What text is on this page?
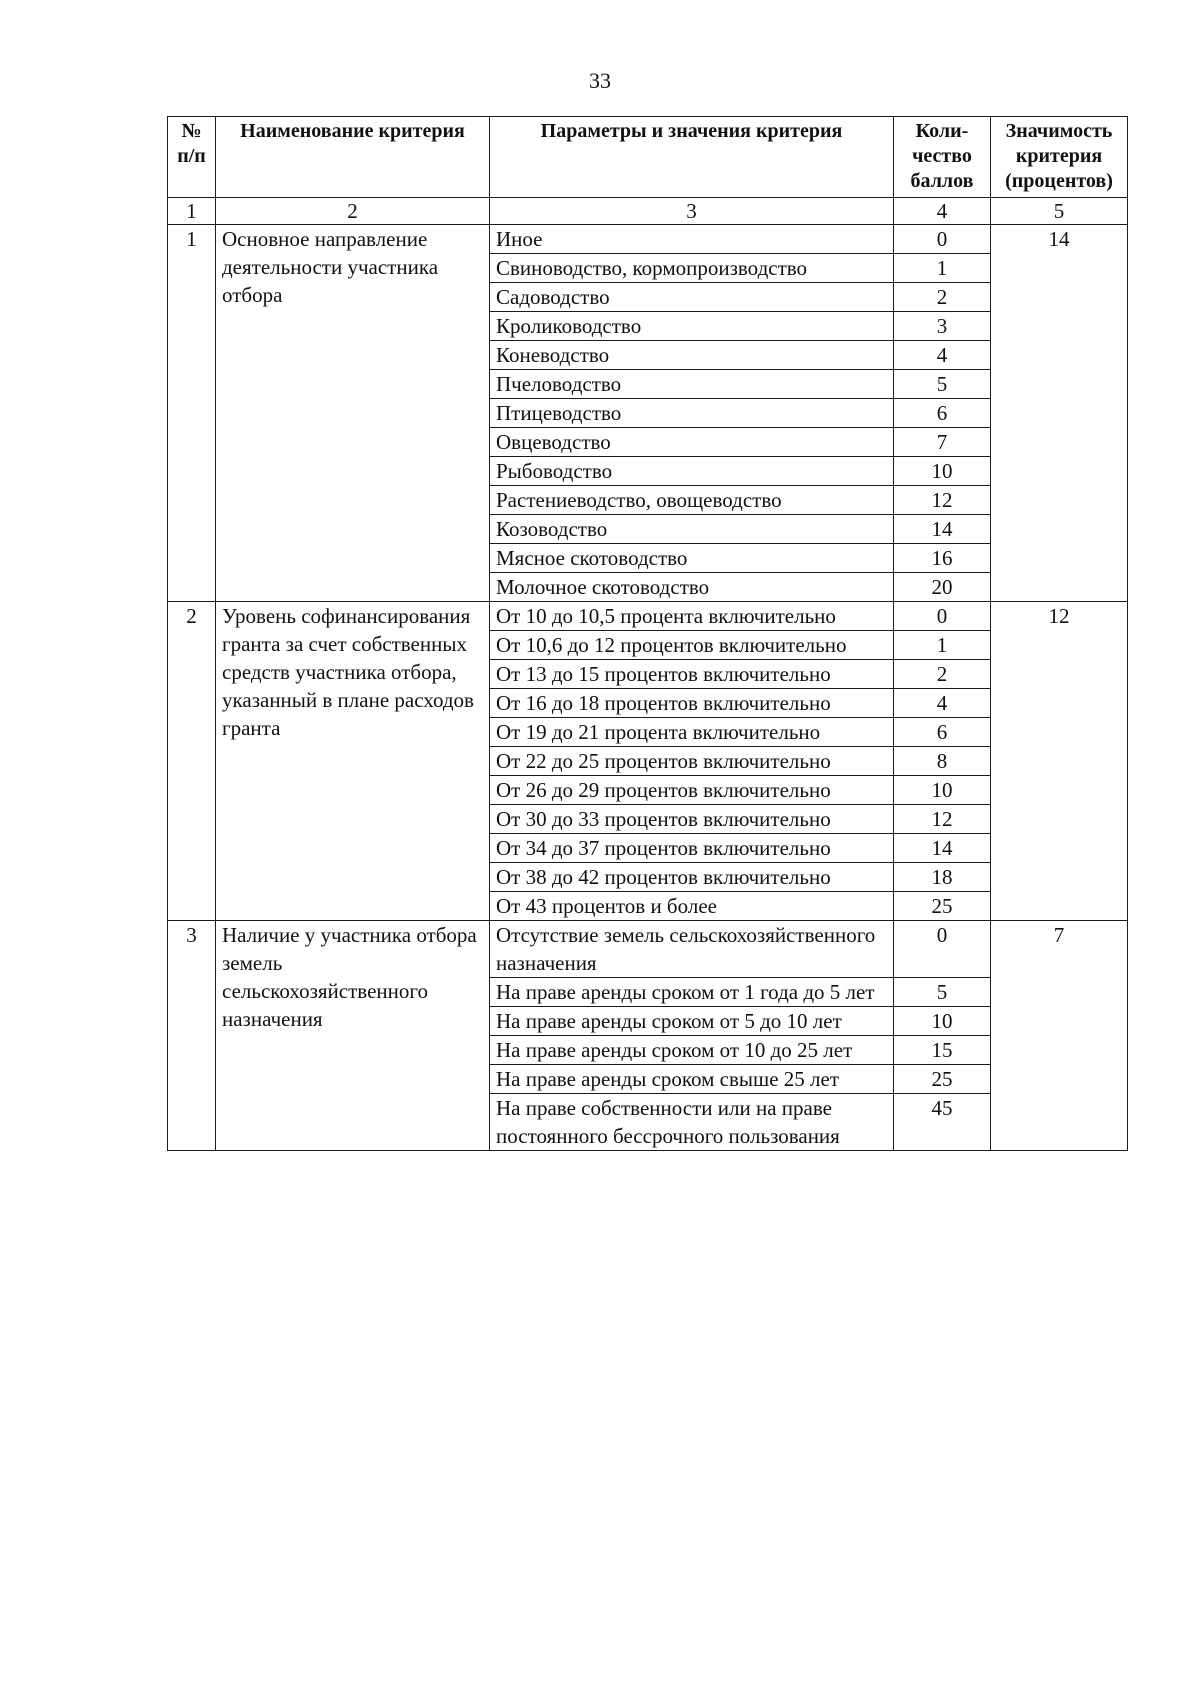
33
№ п/п	Наименование критерия	Параметры и значения критерия	Коли-чество баллов	Значимость критерия (процентов)
1	2	3	4	5
1	Основное направление деятельности участника отбора	Иное	0	14
		Свиноводство, кормопроизводство	1	
		Садоводство	2	
		Кролиководство	3	
		Коневодство	4	
		Пчеловодство	5	
		Птицеводство	6	
		Овцеводство	7	
		Рыбоводство	10	
		Растениеводство, овощеводство	12	
		Козоводство	14	
		Мясное скотоводство	16	
		Молочное скотоводство	20	
2	Уровень софинансирования гранта за счет собственных средств участника отбора, указанный в плане расходов гранта	От 10 до 10,5 процента включительно	0	12
		От 10,6 до 12 процентов включительно	1	
		От 13 до 15 процентов включительно	2	
		От 16 до 18 процентов включительно	4	
		От 19 до 21 процента включительно	6	
		От 22 до 25 процентов включительно	8	
		От 26 до 29 процентов включительно	10	
		От 30 до 33 процентов включительно	12	
		От 34 до 37 процентов включительно	14	
		От 38 до 42 процентов включительно	18	
		От 43 процентов и более	25	
3	Наличие у участника отбора земель сельскохозяйственного назначения	Отсутствие земель сельскохозяйственного назначения	0	7
		На праве аренды сроком от 1 года до 5 лет	5	
		На праве аренды сроком от 5 до 10 лет	10	
		На праве аренды сроком от 10 до 25 лет	15	
		На праве аренды сроком свыше 25 лет	25	
		На праве собственности или на праве постоянного бессрочного пользования	45	
